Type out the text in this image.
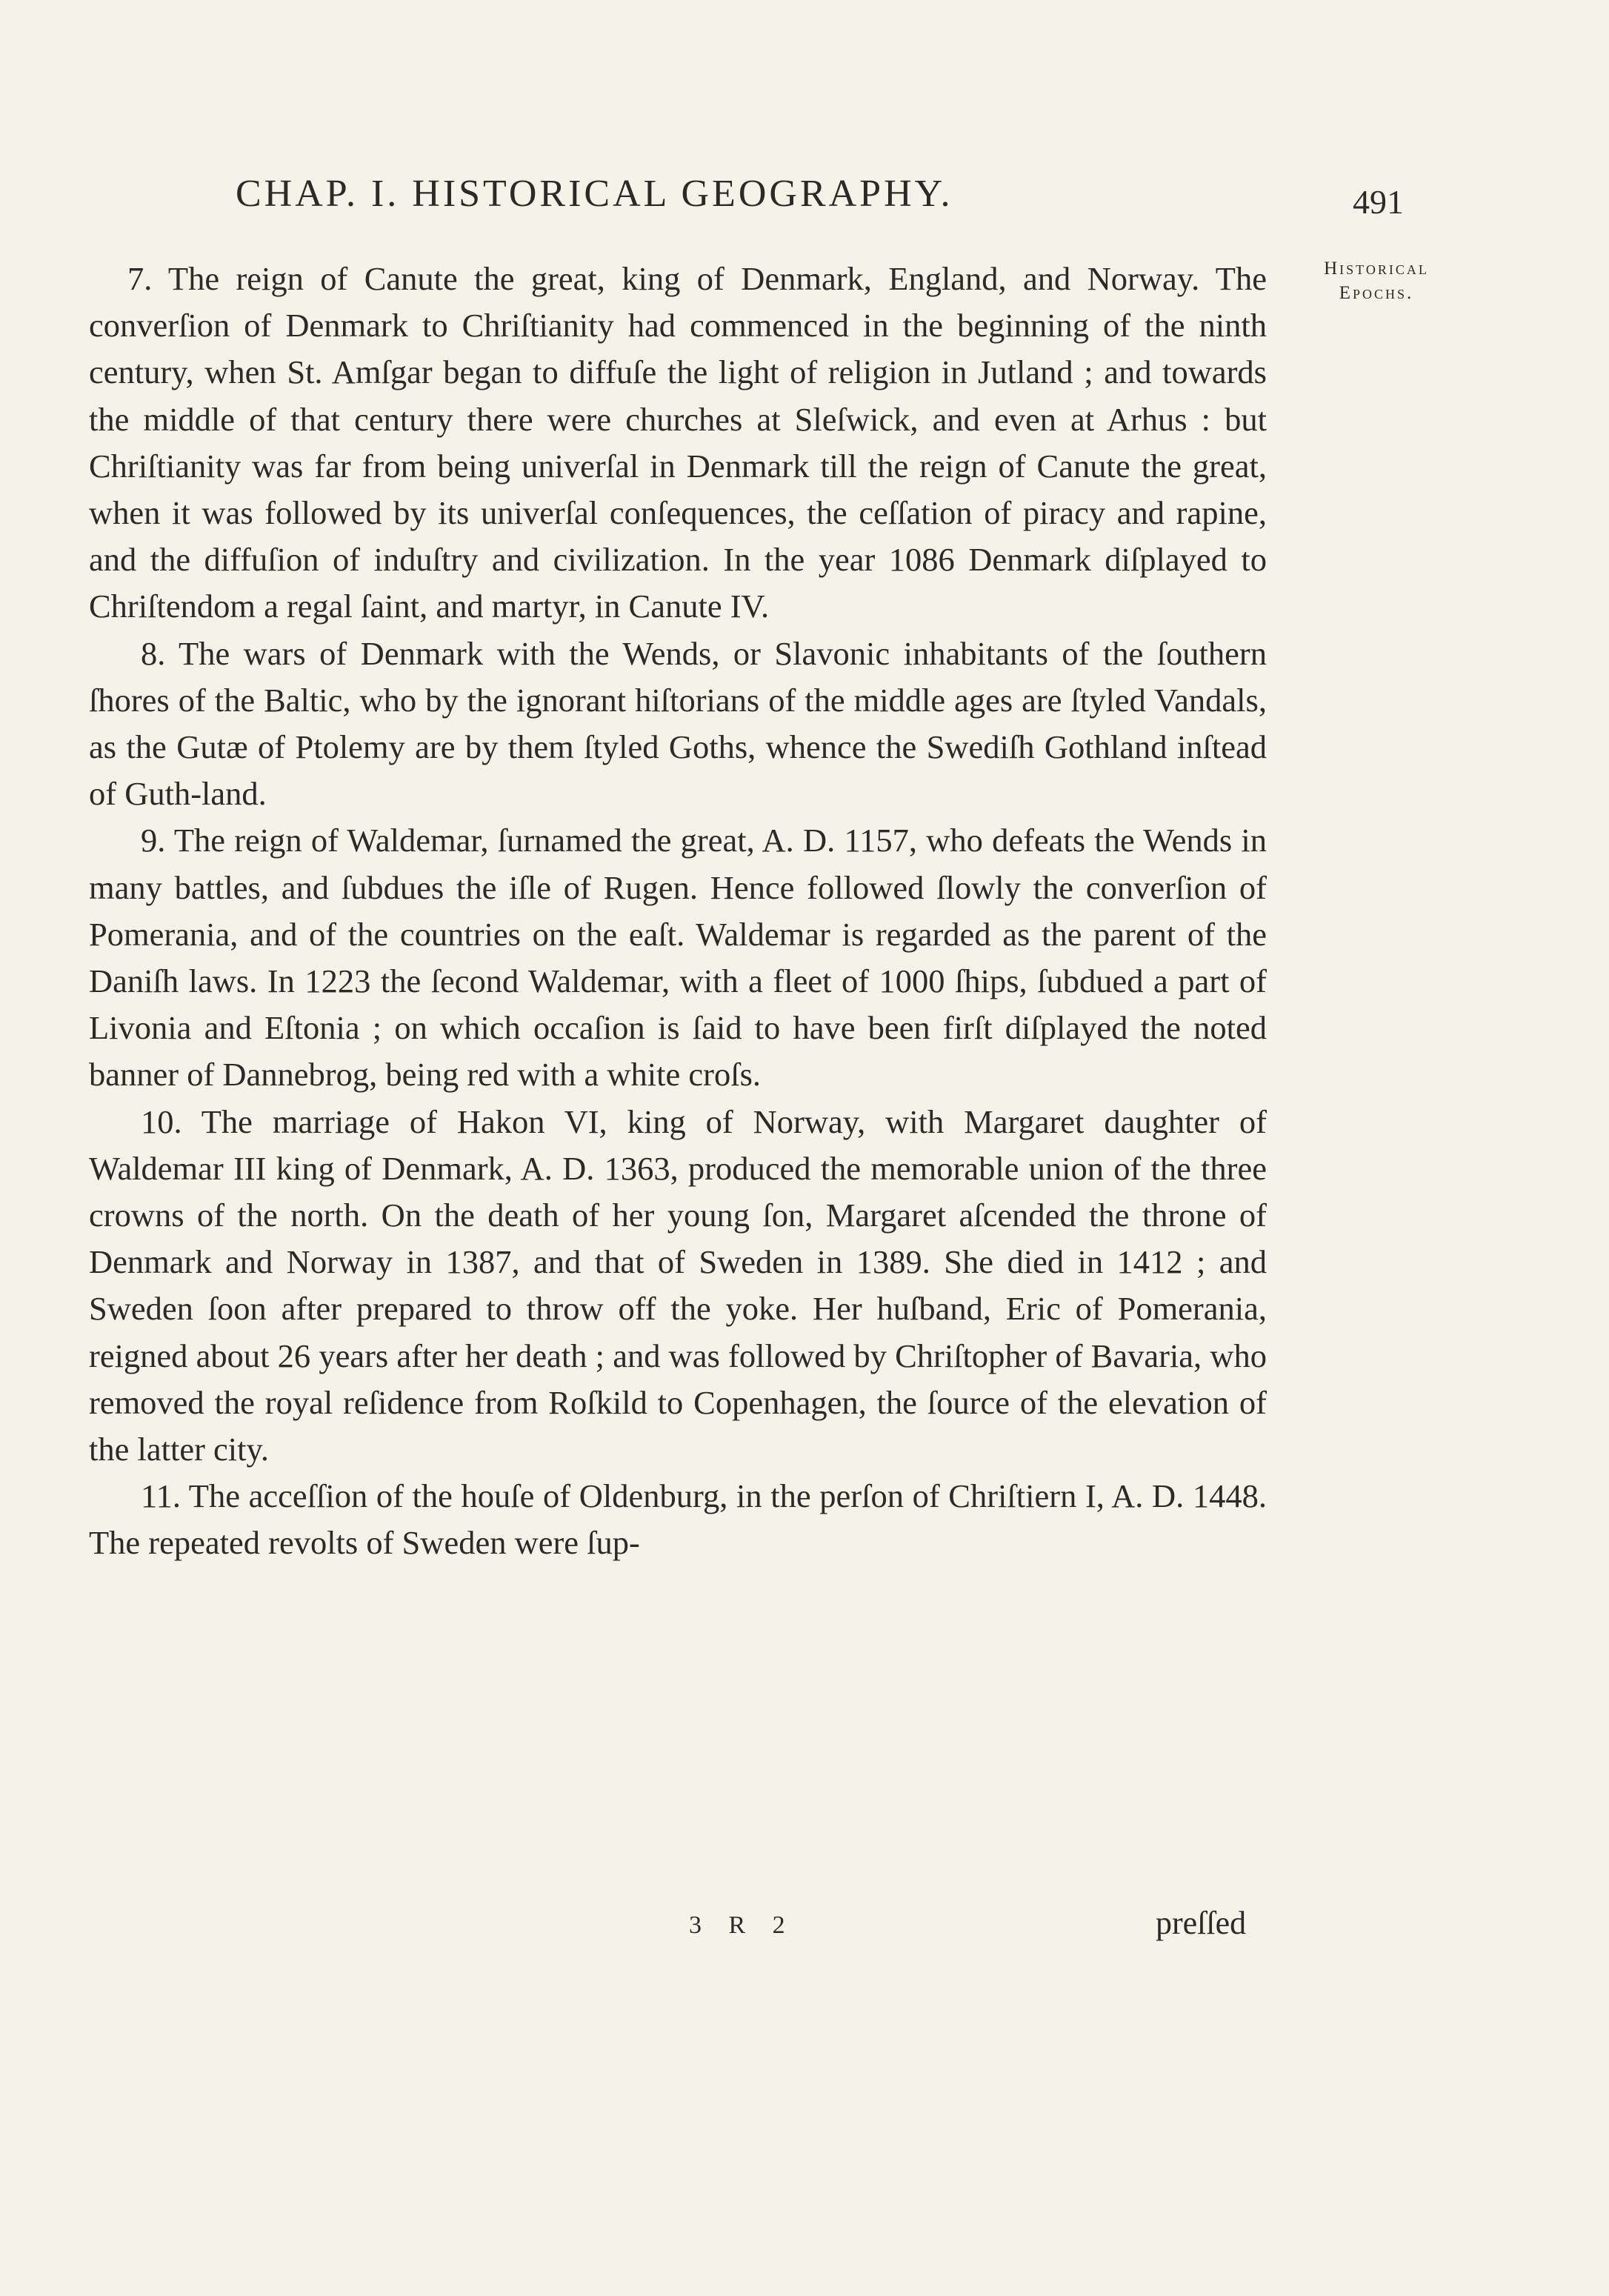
CHAP. I. HISTORICAL GEOGRAPHY.	491
Historical
Epochs.

7. The reign of Canute the great, king of Denmark, England, and Norway. The converſion of Denmark to Chriſtianity had commenced in the beginning of the ninth century, when St. Amſgar began to diffuſe the light of religion in Jutland ; and towards the middle of that century there were churches at Sleſwick, and even at Arhus : but Chriſtianity was far from being univerſal in Denmark till the reign of Canute the great, when it was followed by its univerſal conſequences, the ceſſation of piracy and rapine, and the diffuſion of induſtry and civilization. In the year 1086 Denmark diſplayed to Chriſtendom a regal ſaint, and martyr, in Canute IV.

8. The wars of Denmark with the Wends, or Slavonic inhabitants of the ſouthern ſhores of the Baltic, who by the ignorant hiſtorians of the middle ages are ſtyled Vandals, as the Gutæ of Ptolemy are by them ſtyled Goths, whence the Swediſh Gothland inſtead of Guth-land.

9. The reign of Waldemar, ſurnamed the great, A. D. 1157, who defeats the Wends in many battles, and ſubdues the iſle of Rugen. Hence followed ſlowly the converſion of Pomerania, and of the countries on the eaſt. Waldemar is regarded as the parent of the Daniſh laws. In 1223 the ſecond Waldemar, with a fleet of 1000 ſhips, ſubdued a part of Livonia and Eſtonia ; on which occaſion is ſaid to have been firſt diſplayed the noted banner of Dannebrog, being red with a white croſs.

10. The marriage of Hakon VI, king of Norway, with Margaret daughter of Waldemar III king of Denmark, A. D. 1363, produced the memorable union of the three crowns of the north. On the death of her young ſon, Margaret aſcended the throne of Denmark and Norway in 1387, and that of Sweden in 1389. She died in 1412 ; and Sweden ſoon after prepared to throw off the yoke. Her huſband, Eric of Pomerania, reigned about 26 years after her death ; and was followed by Chriſtopher of Bavaria, who removed the royal reſidence from Roſkild to Copenhagen, the ſource of the elevation of the latter city.

11. The acceſſion of the houſe of Oldenburg, in the perſon of Chriſtiern I, A. D. 1448. The repeated revolts of Sweden were ſup-

3 R 2	preſſed
